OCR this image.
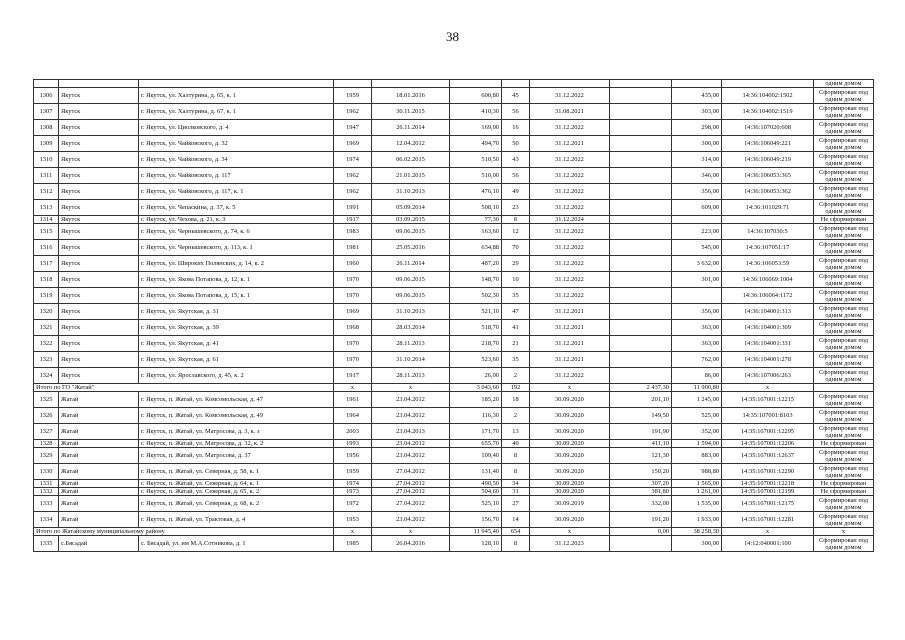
38
											одним домом
1306	Якутск	г. Якутск, ул. Халтурина, д. 65, к. 1	1959	18.01.2016	600,80	45	31.12.2022		435,00	14:36:104002:1502	Сформирован под одним домом
1307	Якутск	г. Якутск, ул. Халтурина, д. 67, к. 1	1962	30.11.2015	410,30	56	31.08.2021		303,00	14:36:104002:1519	Сформирован под одним домом
1308	Якутск	г. Якутск, ул. Циолковского, д. 4	1947	26.11.2014	169,00	16	31.12.2022		298,00	14:36:107020:608	Сформирован под одним домом
1309	Якутск	г. Якутск, ул. Чайковского, д. 32	1969	12.04.2012	494,70	50	31.12.2021		300,00	14:36:106049:221	Сформирован под одним домом
1310	Якутск	г. Якутск, ул. Чайковского, д. 34	1974	06.02.2015	510,50	43	31.12.2022		314,00	14:36:106049:219	Сформирован под одним домом
1311	Якутск	г. Якутск, ул. Чайковского, д. 117	1962	21.01.2015	510,00	56	31.12.2022		346,00	14:36:106053:365	Сформирован под одним домом
1312	Якутск	г. Якутск, ул. Чайковского, д. 117, к. 1	1962	31.10.2013	476,10	49	31.12.2022		356,00	14:36:106053:362	Сформирован под одним домом
1313	Якутск	г. Якутск, ул. Чепаскина, д. 37, к. 5	1991	05.09.2014	508,10	23	31.12.2022		609,00	14:36:101029:71	Сформирован под одним домом
1314	Якутск	г. Якутск, ул. Чехова, д. 21, к. 3	1917	03.09.2015	77,30	8	31.12.2024				Не сформирован
1315	Якутск	г. Якутск, ул. Чернышевского, д. 74, к. 6	1983	09.06.2015	163,60	12	31.12.2022		223,00	14:36:107030:5	Сформирован под одним домом
1316	Якутск	г. Якутск, ул. Чернышевского, д. 113, к. 1	1981	25.05.2016	634,88	70	31.12.2022		545,00	14:36:107051:17	Сформирован под одним домом
1317	Якутск	г. Якутск, ул. Широких Полянских, д. 14, к. 2	1960	26.11.2014	487,20	29	31.12.2022		3 632,00	14:36:106053:59	Сформирован под одним домом
1318	Якутск	г. Якутск, ул. Якова Потапова, д. 12, к. 1	1970	09.06.2015	148,70	10	31.12.2022		301,00	14:36:106069:1004	Сформирован под одним домом
1319	Якутск	г. Якутск, ул. Якова Потапова, д. 15, к. 1	1970	09.06.2015	502,30	35	31.12.2022			14:36:106064:1172	Сформирован под одним домом
1320	Якутск	г. Якутск, ул. Якутская, д. 31	1969	31.10.2013	521,10	47	31.12.2021		356,00	14:36:104001:313	Сформирован под одним домом
1321	Якутск	г. Якутск, ул. Якутская, д. 39	1968	28.03.2014	518,70	41	31.12.2021		363,00	14:36:104001:309	Сформирован под одним домом
1322	Якутск	г. Якутск, ул. Якутская, д. 41	1970	28.11.2013	218,70	21	31.12.2021		363,00	14:36:104001:331	Сформирован под одним домом
1323	Якутск	г. Якутск, ул. Якутская, д. 61	1970	31.10.2014	523,60	35	31.12.2021		762,00	14:36:104001:278	Сформирован под одним домом
1324	Якутск	г. Якутск, ул. Ярославского, д. 45, к. 2	1917	28.11.2013	26,00	2	31.12.2022		86,00	14:36:107006:263	Сформирован под одним домом
Итого по ГО "Жатай"			x	x	3 043,60	192	x	2 437,30	11 900,80	x	
1325	Жатай	г. Якутск, п. Жатай, ул. Комсомольская, д. 47	1961	23.04.2012	185,20	18	30.09.2020	201,10	1 245,00	14:35:107001:12215	Сформирован под одним домом
1326	Жатай	г. Якутск, п. Жатай, ул. Комсомольская, д. 49	1964	23.04.2012	116,30	2	30.09.2020	149,50	525,00	14:35:107001:8103	Сформирован под одним домом
1327	Жатай	г. Якутск, п. Жатай, ул. Матросова, д. 3, к. з	2003	23.04.2013	171,70	13	30.09.2020	191,90	352,00	14:35:107001:12295	Сформирован под одним домом
1328	Жатай	г. Якутск, п. Жатай, ул. Матросова, д. 32, к. 2	1993	23.04.2012	655,70	40	30.09.2020	411,10	1 594,00	14:35:107001:12206	Не сформирован
1329	Жатай	г. Якутск, п. Жатай, ул. Матросова, д. 37	1956	23.04.2012	109,40	8	30.09.2020	121,30	883,00	14:35:107001:12637	Сформирован под одним домом
1330	Жатай	г. Якутск, п. Жатай, ул. Северная, д. 58, к. 1	1959	27.04.2012	131,40	8	30.09.2020	150,20	988,80	14:35:107001:12290	Сформирован под одним домом
1331	Жатай	г. Якутск, п. Жатай, ул. Северная, д. 64, к. 1	1974	27.04.2012	490,50	34	30.09.2020	307,20	1 565,00	14:35:107001:12218	Не сформирован
1332	Жатай	г. Якутск, п. Жатай, ул. Северная, д. 65, к. 2	1973	27.04.2012	504,60	31	30.09.2020	381,80	1 261,00	14:35:107001:12199	Не сформирован
1333	Жатай	г. Якутск, п. Жатай, ул. Северная, д. 68, к. 2	1972	27.04.2012	525,10	27	30.09.2019	332,00	1 535,00	14:35:107001:12175	Сформирован под одним домом
1334	Жатай	г. Якутск, п. Жатай, ул. Трактовая, д. 4	1953	23.04.2012	156,70	14	30.09.2020	191,20	1 933,00	14:35:107001:12281	Сформирован под одним домом
Итого по Жатайскому муниципальному району			x	x	11 945,40	654	x	0,00	38 258,30	x	x
1335	с.Бясадай	с. Бясадай, ул. им М.А.Сотникова, д. 1	1985	26.04.2016	128,10	8	31.12.2023		300,00	14:12:040001:100	Сформирован под одним домом
